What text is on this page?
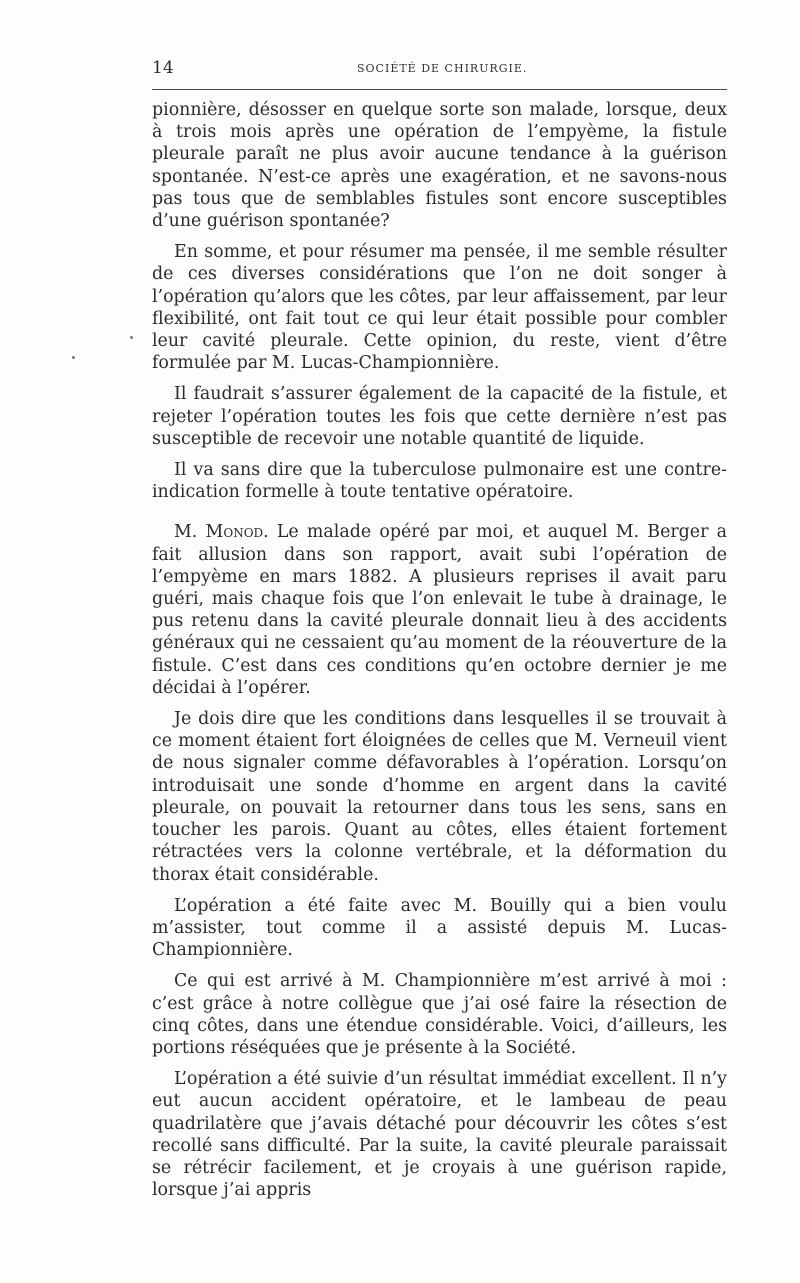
14	SOCIÉTÉ DE CHIRURGIE.

pionnière, désosser en quelque sorte son malade, lorsque, deux à trois mois après une opération de l’empyème, la fistule pleurale paraît ne plus avoir aucune tendance à la guérison spontanée. N’est-ce après une exagération, et ne savons-nous pas tous que de semblables fistules sont encore susceptibles d’une guérison spontanée?

En somme, et pour résumer ma pensée, il me semble résulter de ces diverses considérations que l’on ne doit songer à l’opération qu’alors que les côtes, par leur affaissement, par leur flexibilité, ont fait tout ce qui leur était possible pour combler leur cavité pleurale. Cette opinion, du reste, vient d’être formulée par M. Lucas-Championnière.

Il faudrait s’assurer également de la capacité de la fistule, et rejeter l’opération toutes les fois que cette dernière n’est pas susceptible de recevoir une notable quantité de liquide.

Il va sans dire que la tuberculose pulmonaire est une contre-indication formelle à toute tentative opératoire.

M. Monod. Le malade opéré par moi, et auquel M. Berger a fait allusion dans son rapport, avait subi l’opération de l’empyème en mars 1882. A plusieurs reprises il avait paru guéri, mais chaque fois que l’on enlevait le tube à drainage, le pus retenu dans la cavité pleurale donnait lieu à des accidents généraux qui ne cessaient qu’au moment de la réouverture de la fistule. C’est dans ces conditions qu’en octobre dernier je me décidai à l’opérer.

Je dois dire que les conditions dans lesquelles il se trouvait à ce moment étaient fort éloignées de celles que M. Verneuil vient de nous signaler comme défavorables à l’opération. Lorsqu’on introduisait une sonde d’homme en argent dans la cavité pleurale, on pouvait la retourner dans tous les sens, sans en toucher les parois. Quant au côtes, elles étaient fortement rétractées vers la colonne vertébrale, et la déformation du thorax était considérable.

L’opération a été faite avec M. Bouilly qui a bien voulu m’assister, tout comme il a assisté depuis M. Lucas-Championnière.

Ce qui est arrivé à M. Championnière m’est arrivé à moi : c’est grâce à notre collègue que j’ai osé faire la résection de cinq côtes, dans une étendue considérable. Voici, d’ailleurs, les portions réséquées que je présente à la Société.

L’opération a été suivie d’un résultat immédiat excellent. Il n’y eut aucun accident opératoire, et le lambeau de peau quadrilatère que j’avais détaché pour découvrir les côtes s’est recollé sans difficulté. Par la suite, la cavité pleurale paraissait se rétrécir facilement, et je croyais à une guérison rapide, lorsque j’ai appris
